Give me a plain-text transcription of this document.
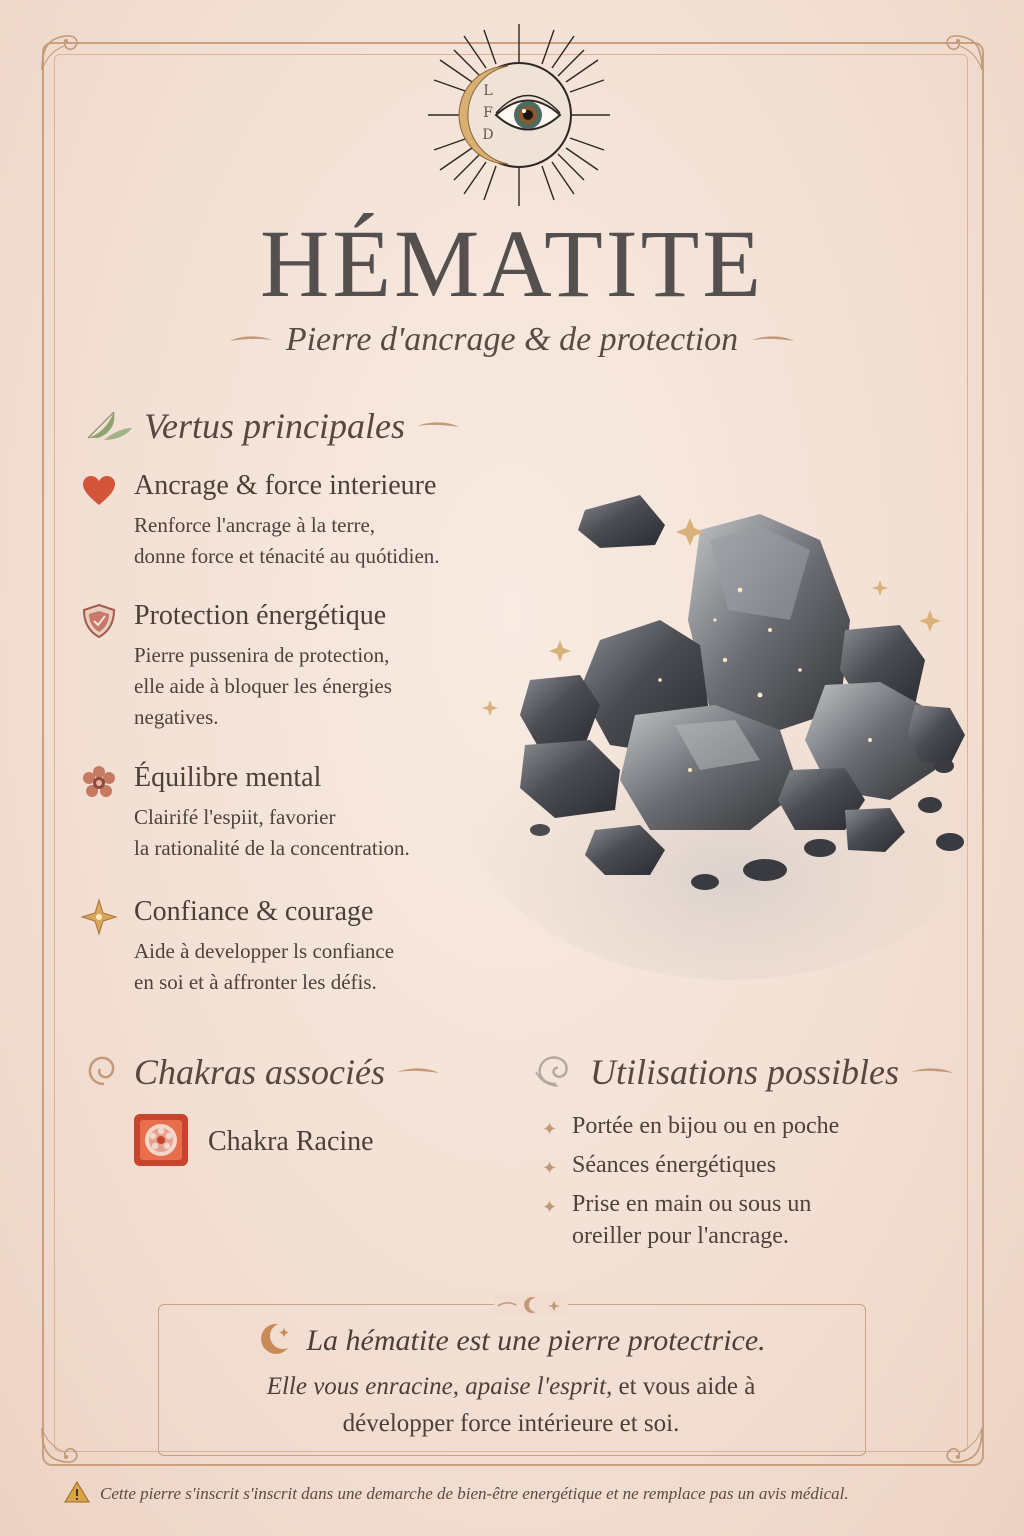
L
F
D
HÉMATITE
Pierre d'ancrage & de protection
Vertus principales
Ancrage & force interieure
Renforce l'ancrage à la terre,
donne force et ténacité au quótidien.
Protection énergétique
Pierre pussenira de protection,
elle aide à bloquer les énergies
negatives.
Équilibre mental
Clairifé l'espiit, favorier
la rationalité de la concentration.
Confiance & courage
Aide à developper ls confiance
en soi et à affronter les défis.
Chakras associés
Chakra Racine
Utilisations possibles
✦ Portée en bijou ou en poche
✦ Séances énergétiques
✦ Prise en main ou sous un
oreiller pour l'ancrage.
La hématite est une pierre protectrice.
Elle vous enracine, apaise l'esprit, et vous aide à
développer force intérieure et soi.
Cette pierre s'inscrit s'inscrit dans une demarche de bien-être energétique et ne remplace pas un avis médical.
